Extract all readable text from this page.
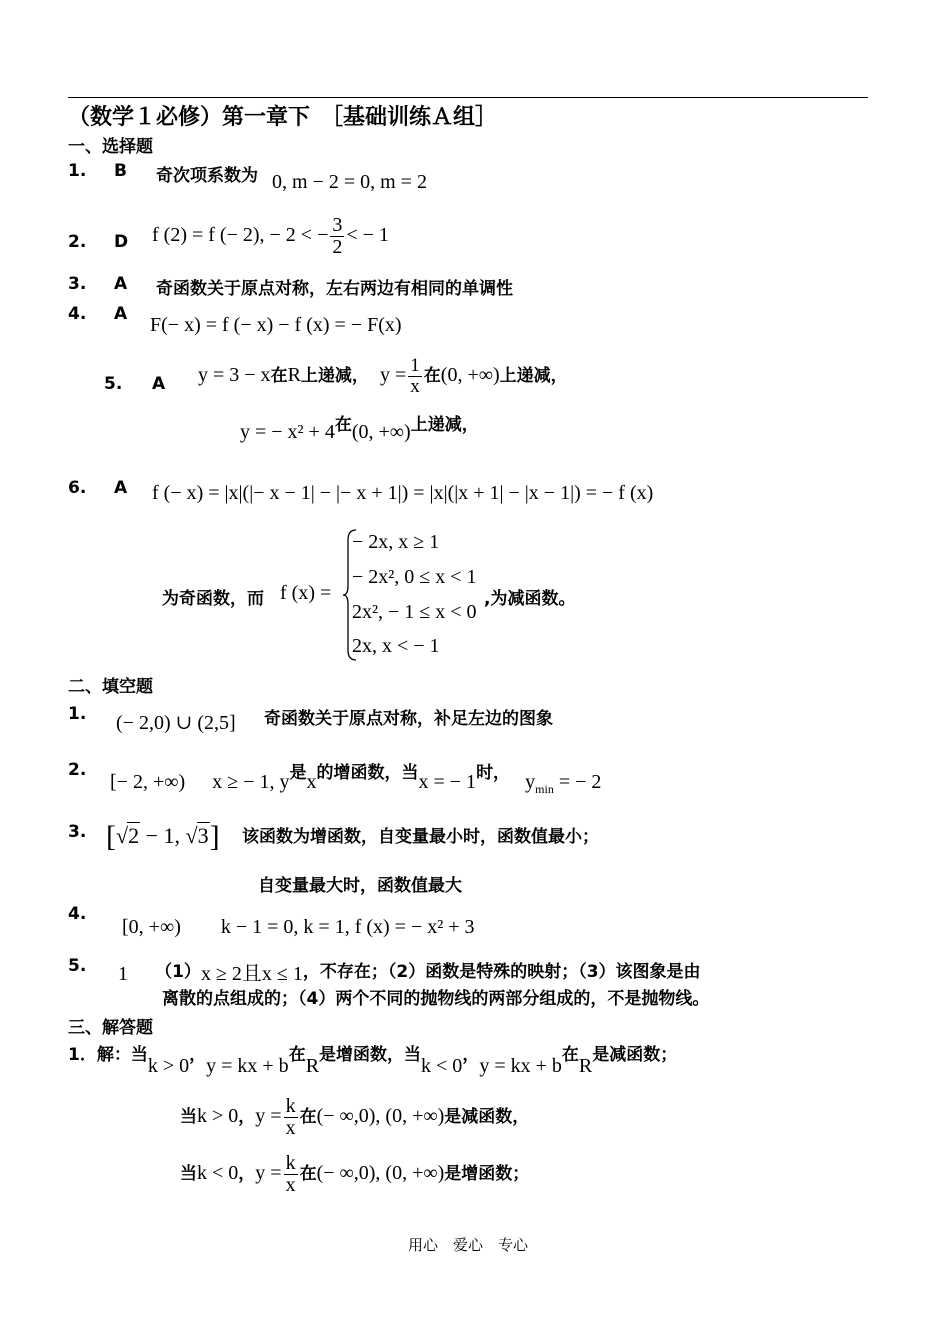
（数学１必修）第一章下　［基础训练Ａ组］
一、选择题
1. B 奇次项系数为 0, m − 2 = 0, m = 2
2. D f (2) = f (− 2), − 2 < − $\frac{3}{2}$ < − 1
3. A 奇函数关于原点对称，左右两边有相同的单调性
4. A F(− x) = f (− x) − f (x) = − F(x)
5. A y = 3 − x在R上递减， $y = \frac{1}{x}$ 在(0, +∞)上递减，
y = − x² + 4在(0, +∞)上递减，
6. A f (− x) = |x|(|− x − 1| − |− x + 1|) = |x|(|x + 1| − |x − 1|) = − f (x)
为奇函数，而 f (x) =
− 2x, x ≥ 1
− 2x², 0 ≤ x < 1
2x², − 1 ≤ x < 0
2x, x < − 1
,为减函数。
二、填空题
1. (− 2,0) ∪ (2,5] 奇函数关于原点对称，补足左边的图象
2.
[− 2, +∞) x ≥ − 1, y是x的增函数，当x = − 1时， $y_{min}$ = − 2
3. [√2 − 1, √3] 该函数为增函数，自变量最小时，函数值最小；
自变量最大时，函数值最大
4.
[0, +∞)　　k − 1 = 0, k = 1, f (x) = − x² + 3
5. 1 （1）x ≥ 2且x ≤ 1，不存在；（2）函数是特殊的映射；（3）该图象是由
离散的点组成的；（4）两个不同的抛物线的两部分组成的，不是抛物线。
三、解答题
1．解：当k > 0，y = kx + b在R是增函数，当k < 0，y = kx + b在R是减函数；
当k > 0，$y = \frac{k}{x}$ 在(− ∞,0), (0, +∞)是减函数，
当k < 0，$y = \frac{k}{x}$ 在(− ∞,0), (0, +∞)是增函数；
用心　爱心　专心
